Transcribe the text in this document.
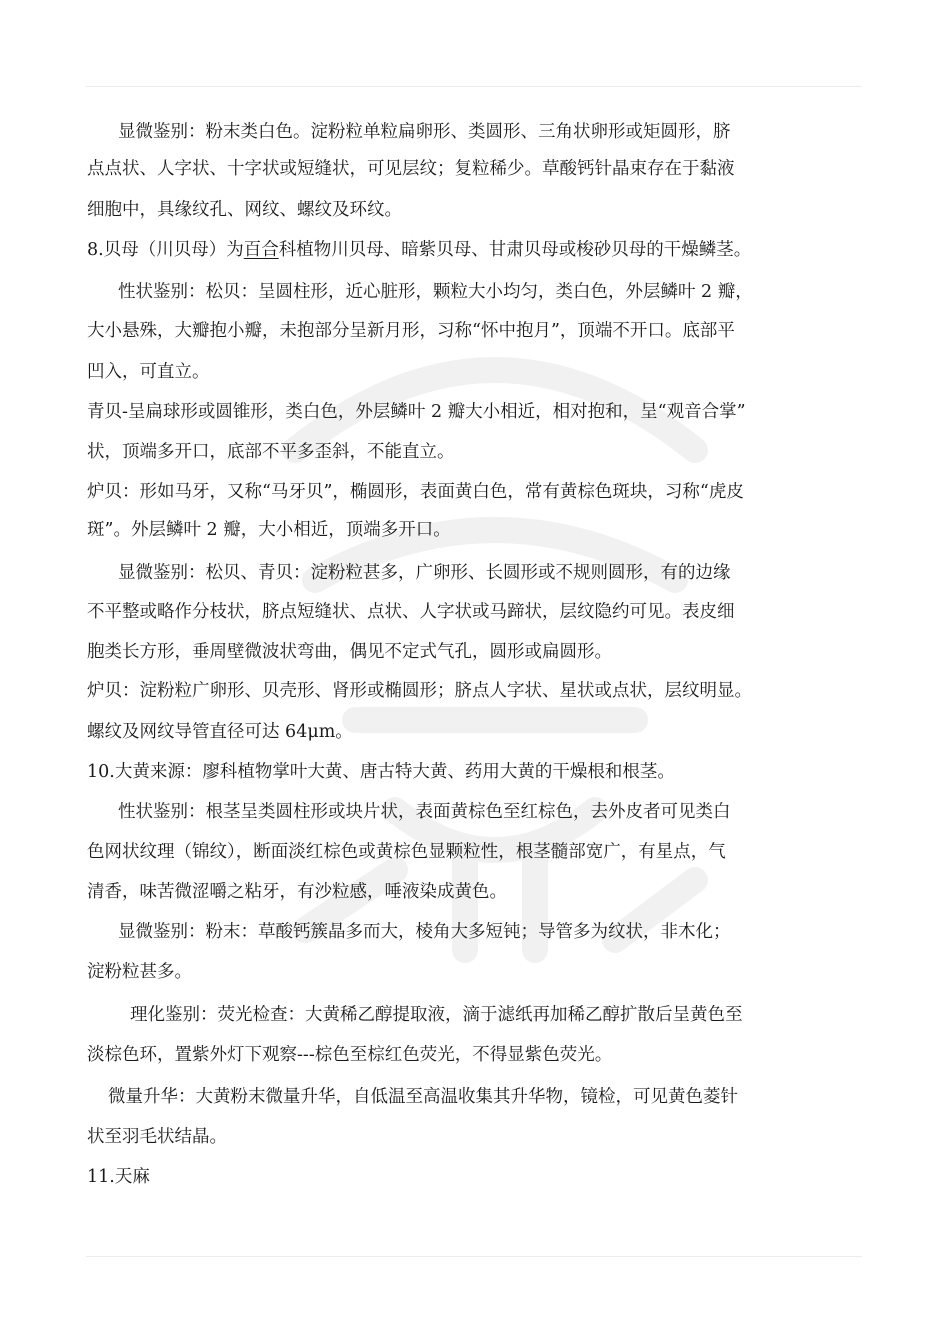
显微鉴别：粉末类白色。淀粉粒单粒扁卵形、类圆形、三角状卵形或矩圆形，脐
点点状、人字状、十字状或短缝状，可见层纹；复粒稀少。草酸钙针晶束存在于黏液
细胞中，具缘纹孔、网纹、螺纹及环纹。
8.贝母（川贝母）为百合科植物川贝母、暗紫贝母、甘肃贝母或梭砂贝母的干燥鳞茎。
性状鉴别：松贝：呈圆柱形，近心脏形，颗粒大小均匀，类白色，外层鳞叶 2 瓣，
大小悬殊，大瓣抱小瓣，未抱部分呈新月形，习称“怀中抱月”，顶端不开口。底部平
凹入，可直立。
青贝-呈扁球形或圆锥形，类白色，外层鳞叶 2 瓣大小相近，相对抱和，呈“观音合掌”
状，顶端多开口，底部不平多歪斜，不能直立。
炉贝：形如马牙，又称“马牙贝”，椭圆形，表面黄白色，常有黄棕色斑块，习称“虎皮
斑”。外层鳞叶 2 瓣，大小相近，顶端多开口。
显微鉴别：松贝、青贝：淀粉粒甚多，广卵形、长圆形或不规则圆形，有的边缘
不平整或略作分枝状，脐点短缝状、点状、人字状或马蹄状，层纹隐约可见。表皮细
胞类长方形，垂周壁微波状弯曲，偶见不定式气孔，圆形或扁圆形。
炉贝：淀粉粒广卵形、贝壳形、肾形或椭圆形；脐点人字状、星状或点状，层纹明显。
螺纹及网纹导管直径可达 64μm。
10.大黄来源：廖科植物掌叶大黄、唐古特大黄、药用大黄的干燥根和根茎。
性状鉴别：根茎呈类圆柱形或块片状，表面黄棕色至红棕色，去外皮者可见类白
色网状纹理（锦纹），断面淡红棕色或黄棕色显颗粒性，根茎髓部宽广，有星点，气
清香，味苦微涩嚼之粘牙，有沙粒感，唾液染成黄色。
显微鉴别：粉末：草酸钙簇晶多而大，棱角大多短钝；导管多为纹状，非木化；
淀粉粒甚多。
理化鉴别：荧光检查：大黄稀乙醇提取液，滴于滤纸再加稀乙醇扩散后呈黄色至
淡棕色环，置紫外灯下观察---棕色至棕红色荧光，不得显紫色荧光。
微量升华：大黄粉末微量升华，自低温至高温收集其升华物，镜检，可见黄色菱针
状至羽毛状结晶。
11.天麻
